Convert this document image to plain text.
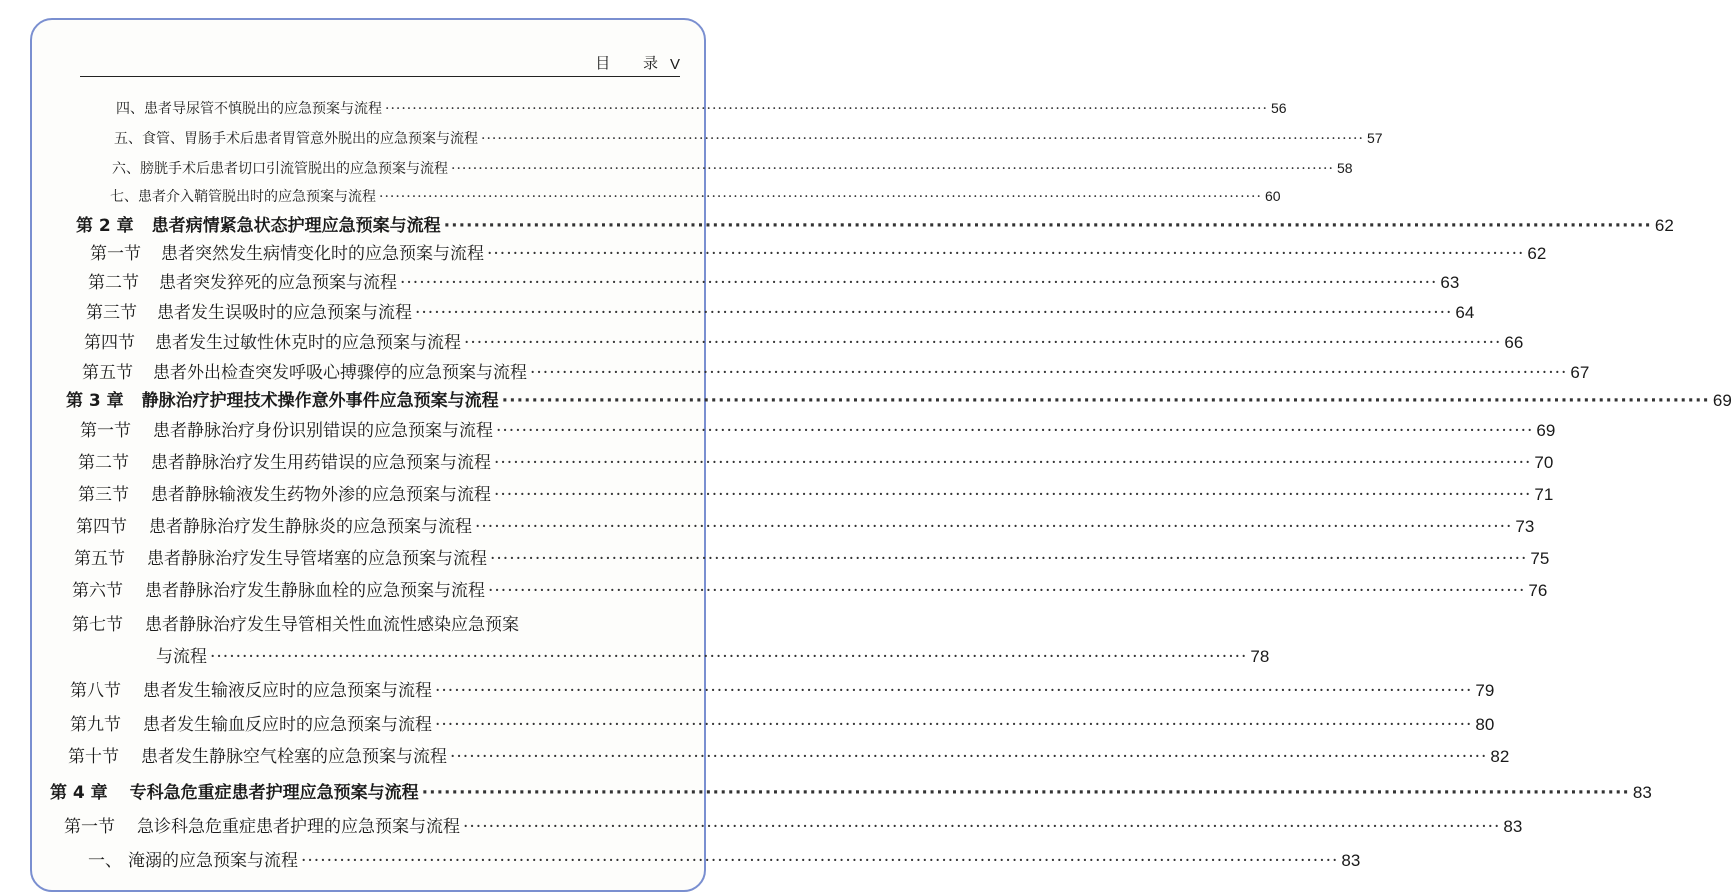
目 录
V
四、 患者导尿管不慎脱出的应急预案与流程 ·····	56
五、 食管、胃肠手术后患者胃管意外脱出的应急预案与流程 ·····	57
六、 膀胱手术后患者切口引流管脱出的应急预案与流程 ·····	58
七、 患者介入鞘管脱出时的应急预案与流程 ·····	60
第 2 章 患者病情紧急状态护理应急预案与流程 ·····	62
第一节 患者突然发生病情变化时的应急预案与流程 ·····	62
第二节 患者突发猝死的应急预案与流程 ·····	63
第三节 患者发生误吸时的应急预案与流程 ·····	64
第四节 患者发生过敏性休克时的应急预案与流程 ·····	66
第五节 患者外出检查突发呼吸心搏骤停的应急预案与流程 ·····	67
第 3 章 静脉治疗护理技术操作意外事件应急预案与流程 ·····	69
第一节 患者静脉治疗身份识别错误的应急预案与流程 ·····	69
第二节 患者静脉治疗发生用药错误的应急预案与流程 ·····	70
第三节 患者静脉输液发生药物外渗的应急预案与流程 ·····	71
第四节 患者静脉治疗发生静脉炎的应急预案与流程 ·····	73
第五节 患者静脉治疗发生导管堵塞的应急预案与流程 ·····	75
第六节 患者静脉治疗发生静脉血栓的应急预案与流程 ·····	76
第七节 患者静脉治疗发生导管相关性血流性感染应急预案
与流程 ·····	78
第八节 患者发生输液反应时的应急预案与流程 ·····	79
第九节 患者发生输血反应时的应急预案与流程 ·····	80
第十节 患者发生静脉空气栓塞的应急预案与流程 ·····	82
第 4 章 专科急危重症患者护理应急预案与流程 ·····	83
第一节 急诊科急危重症患者护理的应急预案与流程 ·····	83
一、 淹溺的应急预案与流程 ·····	83
